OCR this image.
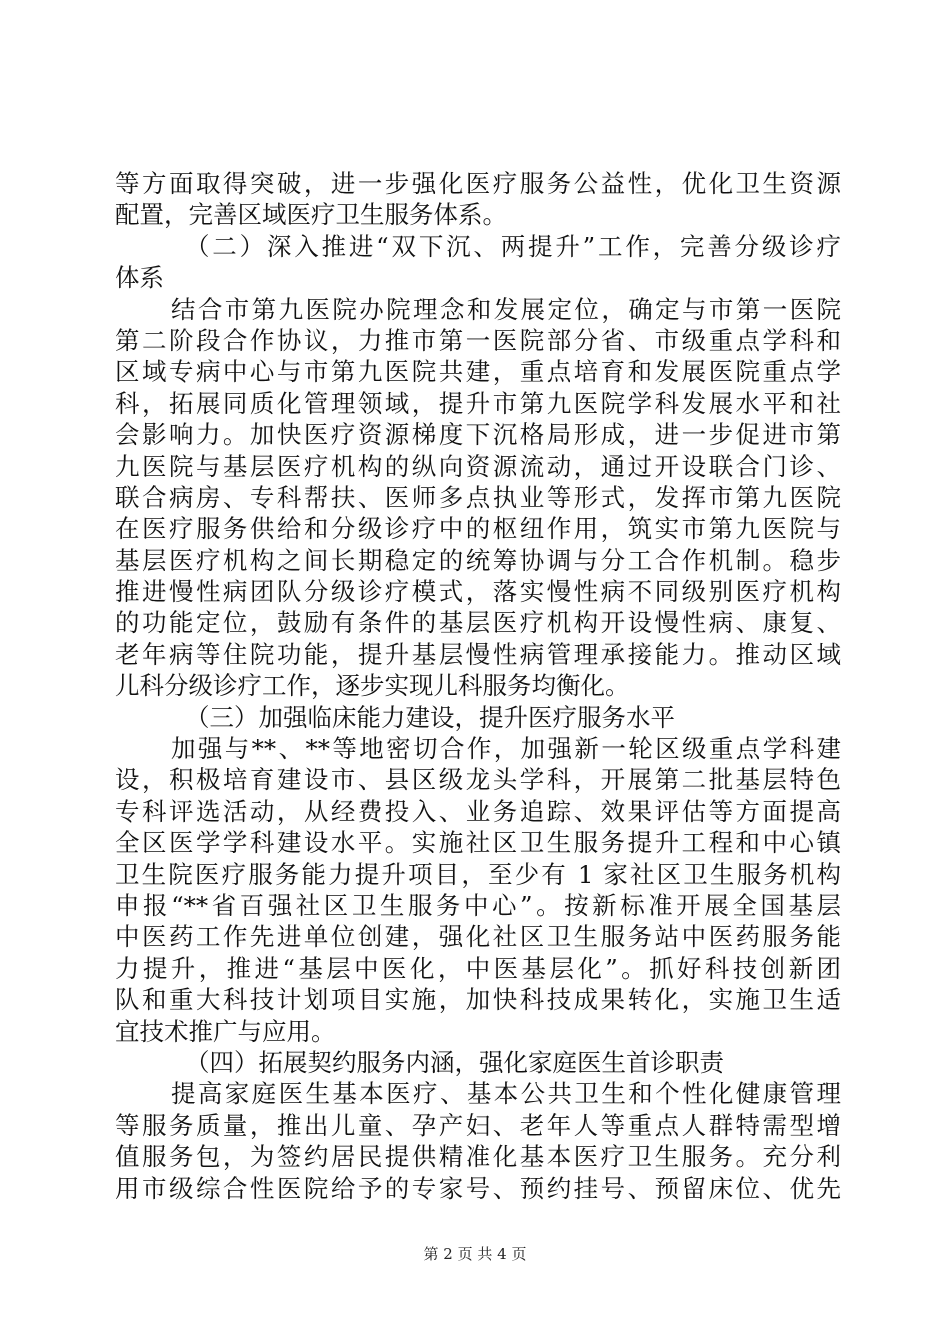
等方面取得突破，进一步强化医疗服务公益性，优化卫生资源
配置，完善区域医疗卫生服务体系。
（二）深入推进“双下沉、两提升”工作，完善分级诊疗
体系
结合市第九医院办院理念和发展定位，确定与市第一医院
第二阶段合作协议，力推市第一医院部分省、市级重点学科和
区域专病中心与市第九医院共建，重点培育和发展医院重点学
科，拓展同质化管理领域，提升市第九医院学科发展水平和社
会影响力。加快医疗资源梯度下沉格局形成，进一步促进市第
九医院与基层医疗机构的纵向资源流动，通过开设联合门诊、
联合病房、专科帮扶、医师多点执业等形式，发挥市第九医院
在医疗服务供给和分级诊疗中的枢纽作用，筑实市第九医院与
基层医疗机构之间长期稳定的统筹协调与分工合作机制。稳步
推进慢性病团队分级诊疗模式，落实慢性病不同级别医疗机构
的功能定位，鼓励有条件的基层医疗机构开设慢性病、康复、
老年病等住院功能，提升基层慢性病管理承接能力。推动区域
儿科分级诊疗工作，逐步实现儿科服务均衡化。
（三）加强临床能力建设，提升医疗服务水平
加强与**、**等地密切合作，加强新一轮区级重点学科建
设，积极培育建设市、县区级龙头学科，开展第二批基层特色
专科评选活动，从经费投入、业务追踪、效果评估等方面提高
全区医学学科建设水平。实施社区卫生服务提升工程和中心镇
卫生院医疗服务能力提升项目，至少有 1 家社区卫生服务机构
申报“**省百强社区卫生服务中心”。按新标准开展全国基层
中医药工作先进单位创建，强化社区卫生服务站中医药服务能
力提升，推进“基层中医化，中医基层化”。抓好科技创新团
队和重大科技计划项目实施，加快科技成果转化，实施卫生适
宜技术推广与应用。
（四）拓展契约服务内涵，强化家庭医生首诊职责
提高家庭医生基本医疗、基本公共卫生和个性化健康管理
等服务质量，推出儿童、孕产妇、老年人等重点人群特需型增
值服务包，为签约居民提供精准化基本医疗卫生服务。充分利
用市级综合性医院给予的专家号、预约挂号、预留床位、优先
第 2 页 共 4 页
